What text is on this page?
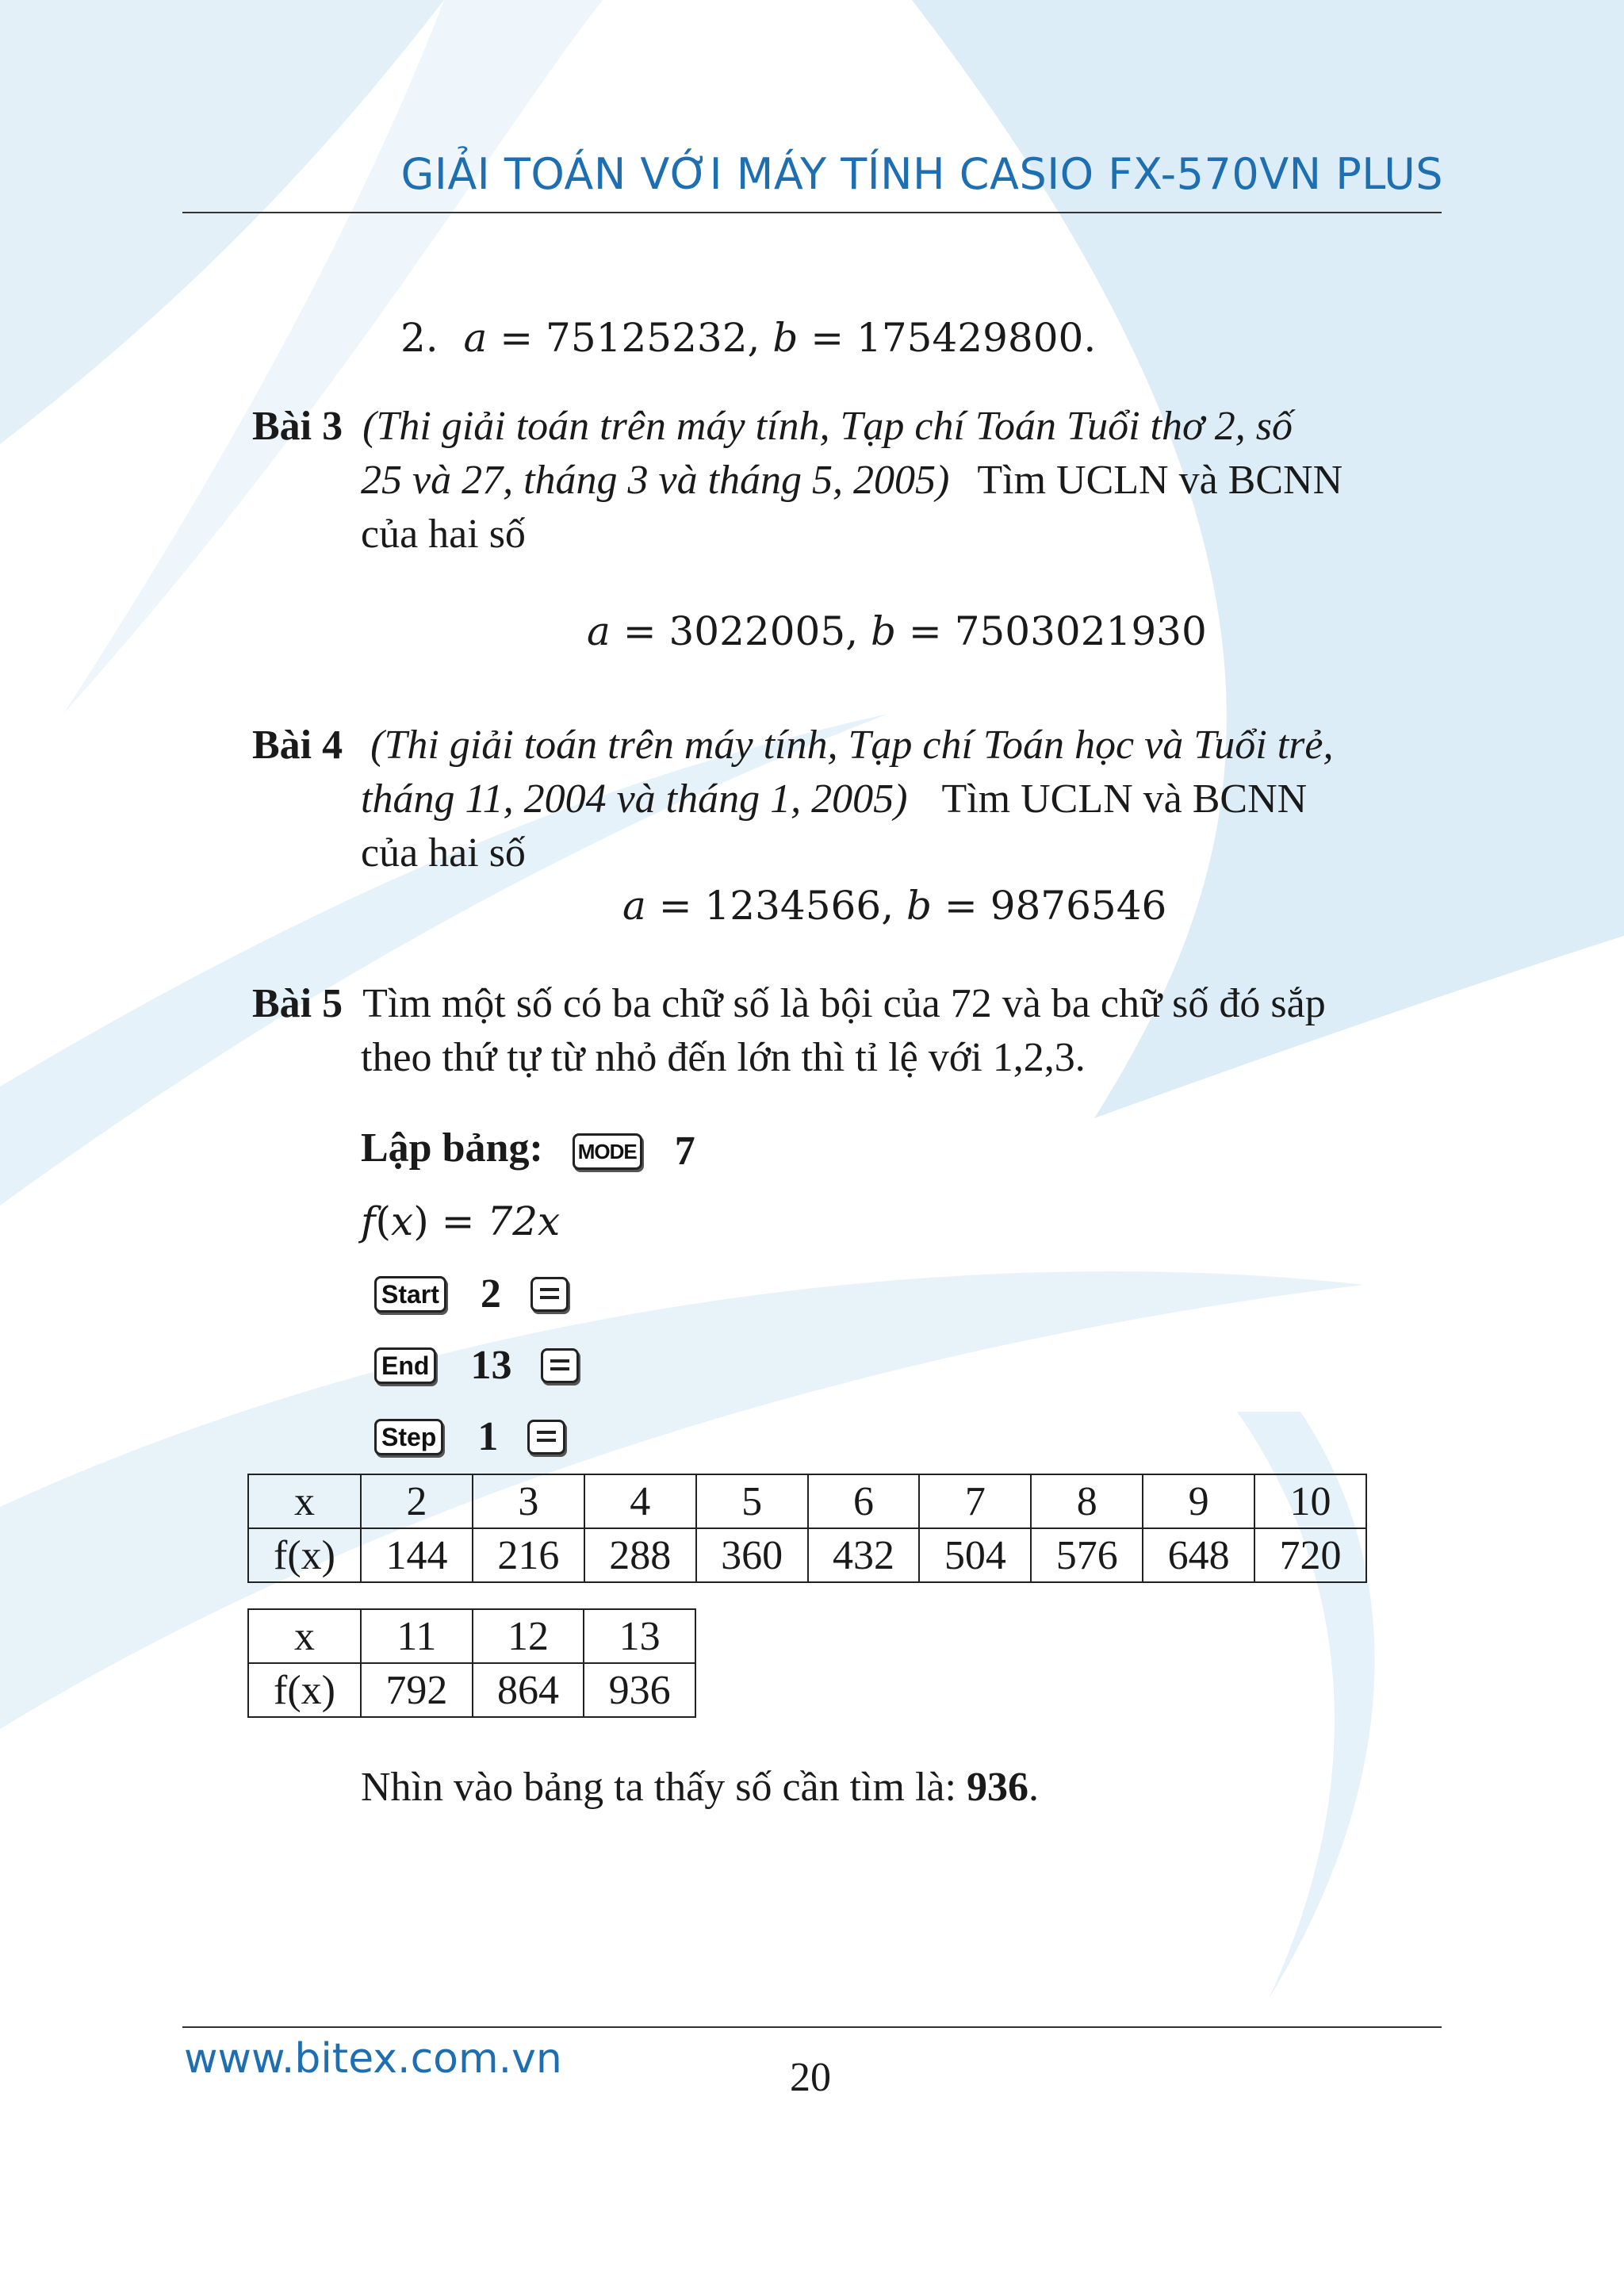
GIẢI TOÁN VỚI MÁY TÍNH CASIO FX-570VN PLUS
2.  a = 75125232, b = 175429800.
Bài 3 (Thi giải toán trên máy tính, Tạp chí Toán Tuổi thơ 2, số
25 và 27, tháng 3 và tháng 5, 2005) Tìm UCLN và BCNN
của hai số
a = 3022005, b = 7503021930
Bài 4 (Thi giải toán trên máy tính, Tạp chí Toán học và Tuổi trẻ,
tháng 11, 2004 và tháng 1, 2005) Tìm UCLN và BCNN
của hai số
a = 1234566, b = 9876546
Bài 5 Tìm một số có ba chữ số là bội của 72 và ba chữ số đó sắp
theo thứ tự từ nhỏ đến lớn thì tỉ lệ với 1,2,3.
Lập bảng: MODE 7
f(x) = 72x
Start 2
End 13
Step 1
x	2	3	4	5	6	7	8	9	10
f(x)	144	216	288	360	432	504	576	648	720
x	11	12	13
f(x)	792	864	936
Nhìn vào bảng ta thấy số cần tìm là: 936.
www.bitex.com.vn	20
